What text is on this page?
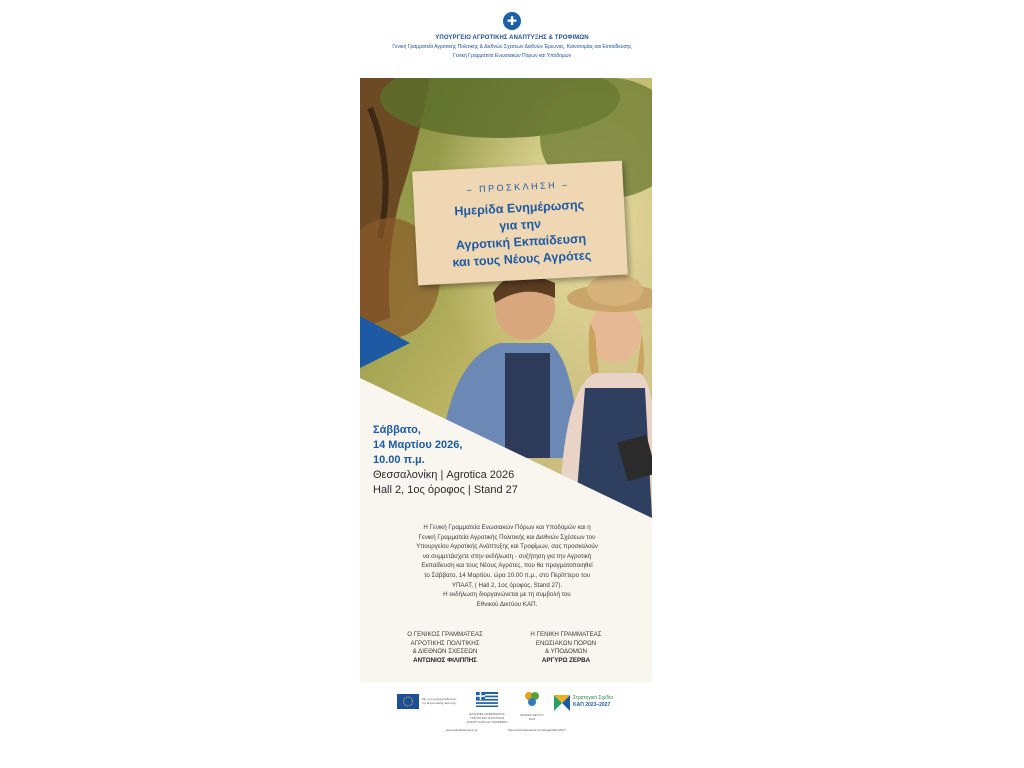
✚
ΥΠΟΥΡΓΕΙΟ ΑΓΡΟΤΙΚΗΣ ΑΝΑΠΤΥΞΗΣ & ΤΡΟΦΙΜΩΝ
Γενική Γραμματεία Αγροτικής Πολιτικής & Διεθνών Σχέσεων Διεθνών Έρευνας, Καινοτομίας και Εκπαίδευσης
Γενική Γραμματεία Ενωσιακών Πόρων και Υποδομών
– ΠΡΟΣΚΛΗΣΗ –
Ημερίδα Ενημέρωσης
για την
Αγροτική Εκπαίδευση
και τους Νέους Αγρότες
Σάββατο,
14 Μαρτίου 2026,
10.00 π.μ.
Θεσσαλονίκη | Agrotica 2026
Hall 2, 1ος όροφος | Stand 27
Η Γενική Γραμματεία Ενωσιακών Πόρων και Υποδομών και η
Γενική Γραμματεία Αγροτικής Πολιτικής και Διεθνών Σχέσεων του
Υπουργείου Αγροτικής Ανάπτυξης και Τροφίμων, σας προσκαλούν
να συμμετάσχετε στην εκδήλωση - συζήτηση για την Αγροτική
Εκπαίδευση και τους Νέους Αγρότες, που θα πραγματοποιηθεί
το Σάββατο, 14 Μαρτίου, ώρα 10.00 π.μ., στο Περίπτερο του
ΥΠΑΑΤ, ( Hall 2, 1ος όροφος, Stand 27).
Η εκδήλωση διοργανώνεται με τη συμβολή του
Εθνικού Δικτύου ΚΑΠ.
Ο ΓΕΝΙΚΟΣ ΓΡΑΜΜΑΤΕΑΣ
ΑΓΡΟΤΙΚΗΣ ΠΟΛΙΤΙΚΗΣ
& ΔΙΕΘΝΩΝ ΣΧΕΣΕΩΝ
ΑΝΤΩΝΙΟΣ ΦΙΛΙΠΠΗΣ
Η ΓΕΝΙΚΗ ΓΡΑΜΜΑΤΕΑΣ
ΕΝΩΣΙΑΚΩΝ ΠΟΡΩΝ
& ΥΠΟΔΟΜΩΝ
ΑΡΓΥΡΩ ΖΕΡΒΑ
Με τη συγχρηματοδότηση της Ευρωπαϊκής Ένωσης
ΕΛΛΗΝΙΚΗ ΔΗΜΟΚΡΑΤΙΑ ΥΠΟΥΡΓΕΙΟ ΑΓΡΟΤΙΚΗΣ ΑΝΑΠΤΥΞΗΣ ΚΑΙ ΤΡΟΦΙΜΩΝ
ΕΘΝΙΚΟ ΔΙΚΤΥΟ ΚΑΠ
Στρατηγικό Σχέδιο
ΚΑΠ 2023–2027
www.agrotikianaptyxi.gr	https://www.facebook.com/kapgr2023-2027
